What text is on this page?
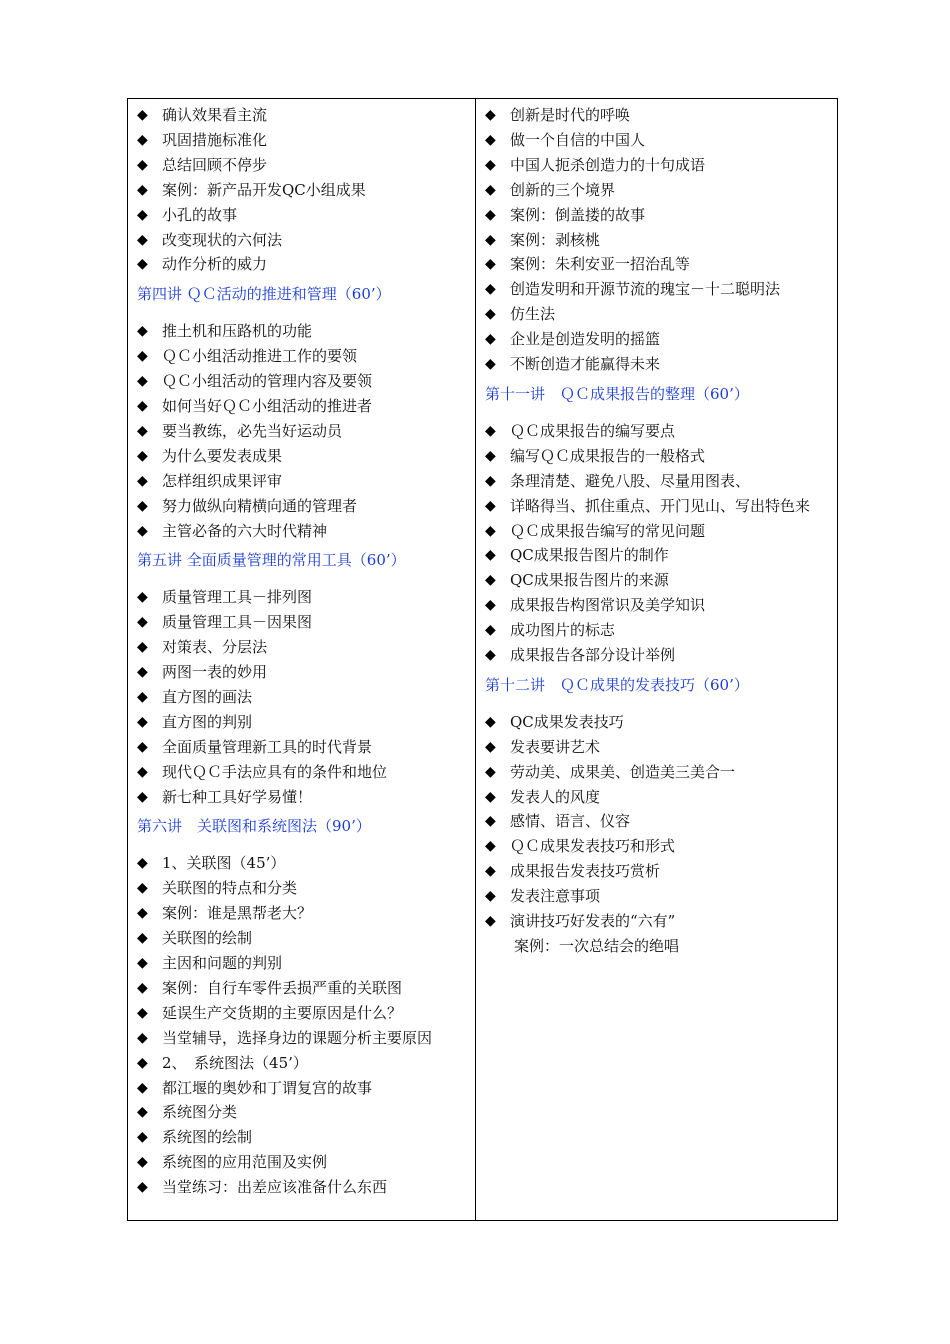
◆ 确认效果看主流
◆ 巩固措施标准化
◆ 总结回顾不停步
◆ 案例：新产品开发QC小组成果
◆ 小孔的故事
◆ 改变现状的六何法
◆ 动作分析的威力
第四讲 ＱＣ活动的推进和管理（60’）
◆ 推土机和压路机的功能
◆ ＱＣ小组活动推进工作的要领
◆ ＱＣ小组活动的管理内容及要领
◆ 如何当好ＱＣ小组活动的推进者
◆ 要当教练，必先当好运动员
◆ 为什么要发表成果
◆ 怎样组织成果评审
◆ 努力做纵向精横向通的管理者
◆ 主管必备的六大时代精神
第五讲 全面质量管理的常用工具（60’）
◆ 质量管理工具－排列图
◆ 质量管理工具－因果图
◆ 对策表、分层法
◆ 两图一表的妙用
◆ 直方图的画法
◆ 直方图的判别
◆ 全面质量管理新工具的时代背景
◆ 现代ＱＣ手法应具有的条件和地位
◆ 新七种工具好学易懂！
第六讲　关联图和系统图法（90’）
◆ 1、关联图（45’）
◆ 关联图的特点和分类
◆ 案例：谁是黑帮老大？
◆ 关联图的绘制
◆ 主因和问题的判别
◆ 案例：自行车零件丢损严重的关联图
◆ 延误生产交货期的主要原因是什么？
◆ 当堂辅导，选择身边的课题分析主要原因
◆ 2、　系统图法（45’）
◆ 都江堰的奥妙和丁谓复宫的故事
◆ 系统图分类
◆ 系统图的绘制
◆ 系统图的应用范围及实例
◆ 当堂练习：出差应该准备什么东西
◆ 创新是时代的呼唤
◆ 做一个自信的中国人
◆ 中国人扼杀创造力的十句成语
◆ 创新的三个境界
◆ 案例：倒盖搂的故事
◆ 案例：剥核桃
◆ 案例：朱利安亚一招治乱等
◆ 创造发明和开源节流的瑰宝－十二聪明法
◆ 仿生法
◆ 企业是创造发明的摇篮
◆ 不断创造才能赢得未来
第十一讲　ＱＣ成果报告的整理（60’）
◆ ＱＣ成果报告的编写要点
◆ 编写ＱＣ成果报告的一般格式
◆ 条理清楚、避免八股、尽量用图表、
◆ 详略得当、抓住重点、开门见山、写出特色来
◆ ＱＣ成果报告编写的常见问题
◆ QC成果报告图片的制作
◆ QC成果报告图片的来源
◆ 成果报告构图常识及美学知识
◆ 成功图片的标志
◆ 成果报告各部分设计举例
第十二讲　ＱＣ成果的发表技巧（60’）
◆ QC成果发表技巧
◆ 发表要讲艺术
◆ 劳动美、成果美、创造美三美合一
◆ 发表人的风度
◆ 感情、语言、仪容
◆ ＱＣ成果发表技巧和形式
◆ 成果报告发表技巧赏析
◆ 发表注意事项
◆ 演讲技巧好发表的“六有”
案例：一次总结会的绝唱
